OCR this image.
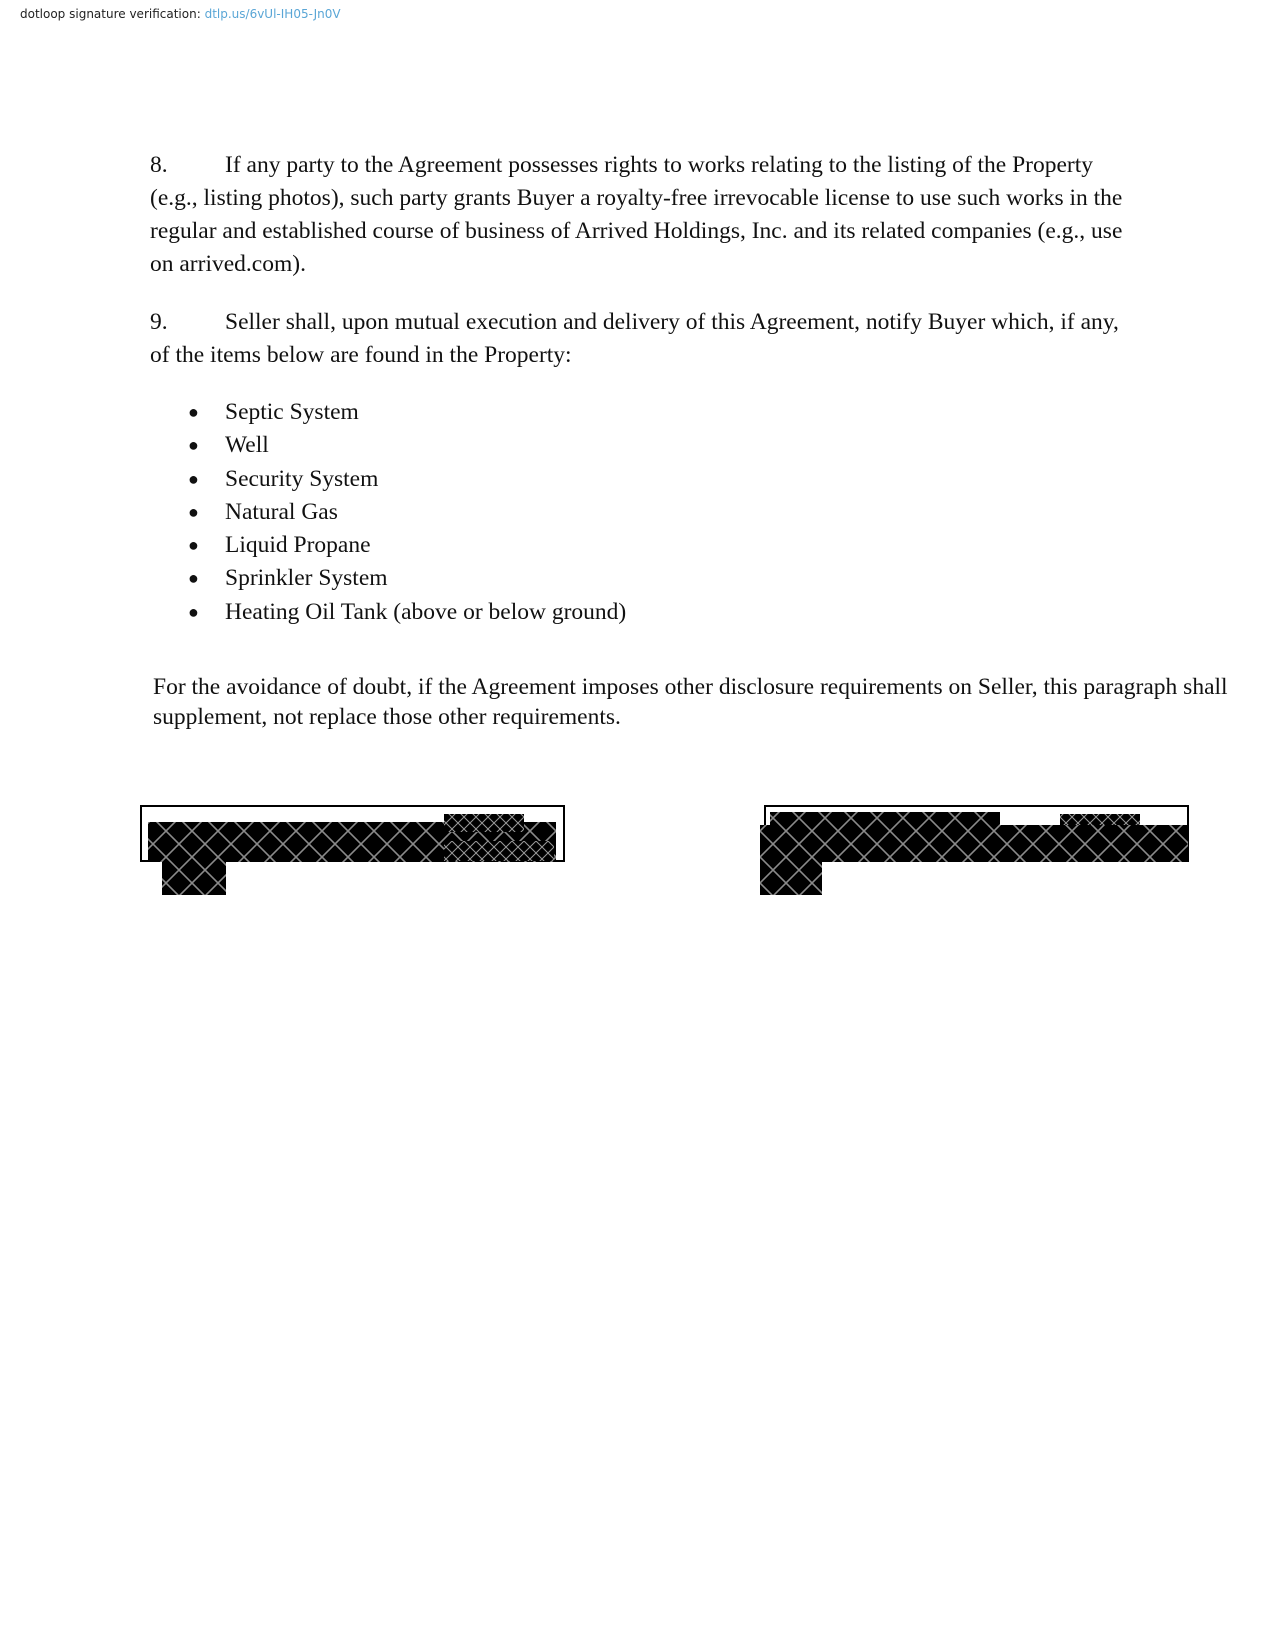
dotloop signature verification: dtlp.us/6vUl-IH05-Jn0V

8. If any party to the Agreement possesses rights to works relating to the listing of the Property (e.g., listing photos), such party grants Buyer a royalty-free irrevocable license to use such works in the regular and established course of business of Arrived Holdings, Inc. and its related companies (e.g., use on arrived.com).

9. Seller shall, upon mutual execution and delivery of this Agreement, notify Buyer which, if any, of the items below are found in the Property:

● Septic System
● Well
● Security System
● Natural Gas
● Liquid Propane
● Sprinkler System
● Heating Oil Tank (above or below ground)

For the avoidance of doubt, if the Agreement imposes other disclosure requirements on Seller, this paragraph shall supplement, not replace those other requirements.
